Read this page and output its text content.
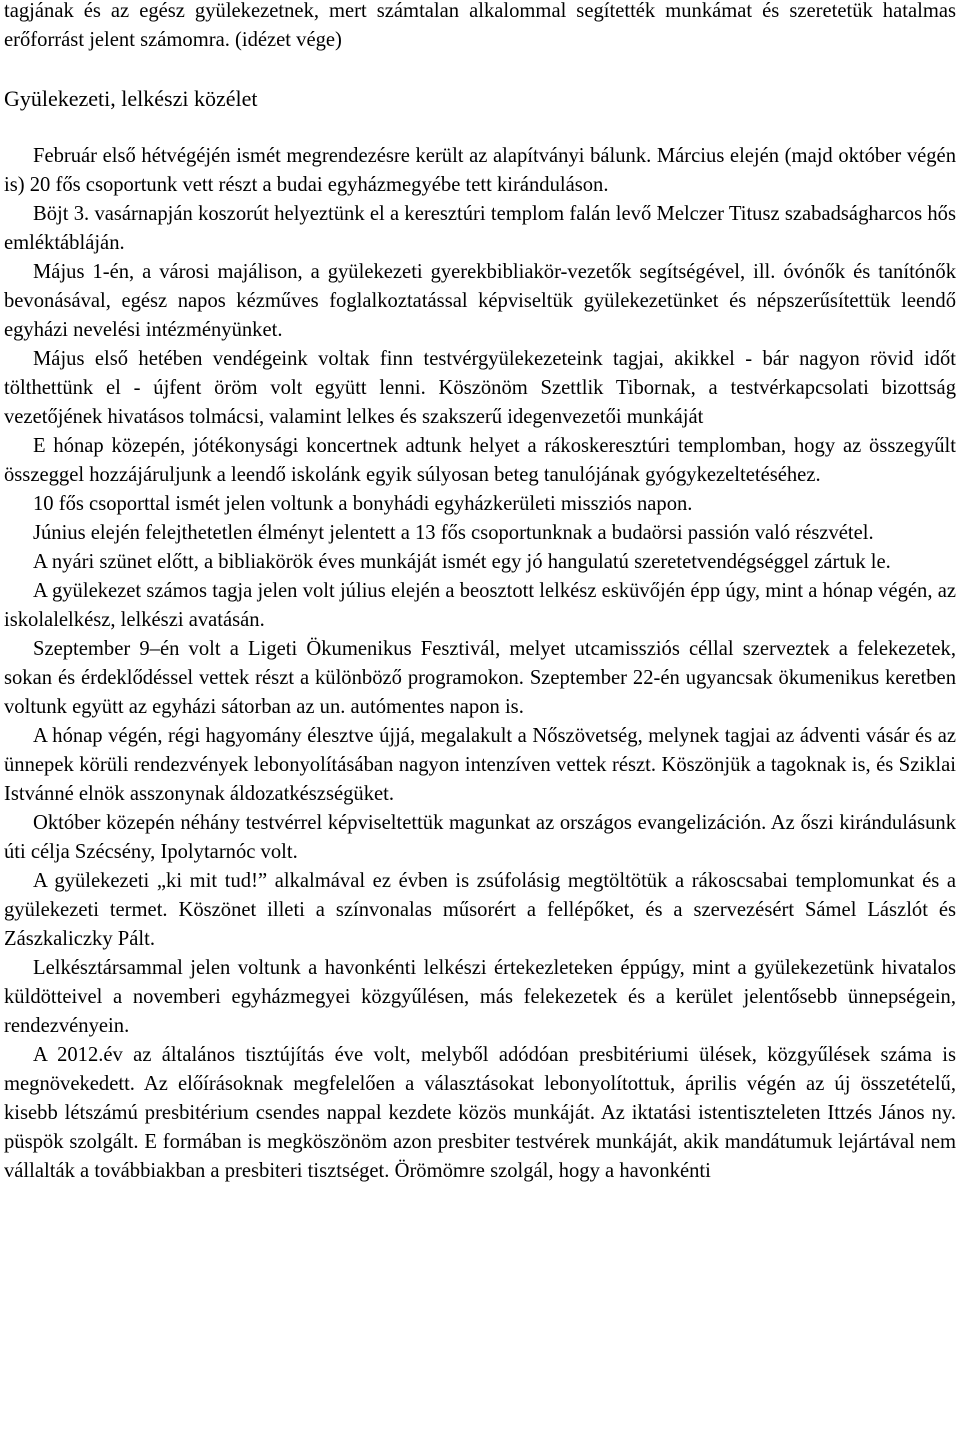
tagjának és az egész gyülekezetnek, mert számtalan alkalommal segítették munkámat és szeretetük hatalmas erőforrást jelent számomra. (idézet vége)

Gyülekezeti, lelkészi közélet

Február első hétvégéjén ismét megrendezésre került az alapítványi bálunk. Március elején (majd október végén is) 20 fős csoportunk vett részt a budai egyházmegyébe tett kiránduláson.

Böjt 3. vasárnapján koszorút helyeztünk el a keresztúri templom falán levő Melczer Titusz szabadságharcos hős emléktábláján.

Május 1-én, a városi majálison, a gyülekezeti gyerekbibliakör-vezetők segítségével, ill. óvónők és tanítónők bevonásával, egész napos kézműves foglalkoztatással képviseltük gyülekezetünket és népszerűsítettük leendő egyházi nevelési intézményünket.

Május első hetében vendégeink voltak finn testvérgyülekezeteink tagjai, akikkel - bár nagyon rövid időt tölthettünk el - újfent öröm volt együtt lenni. Köszönöm Szettlik Tibornak, a testvérkapcsolati bizottság vezetőjének hivatásos tolmácsi, valamint lelkes és szakszerű idegenvezetői munkáját

E hónap közepén, jótékonysági koncertnek adtunk helyet a rákoskeresztúri templomban, hogy az összegyűlt összeggel hozzájáruljunk a leendő iskolánk egyik súlyosan beteg tanulójának gyógykezeltetéséhez.

10 fős csoporttal ismét jelen voltunk a bonyhádi egyházkerületi missziós napon.

Június elején felejthetetlen élményt jelentett a 13 fős csoportunknak a budaörsi passión való részvétel.

A nyári szünet előtt, a bibliakörök éves munkáját ismét egy jó hangulatú szeretetvendégséggel zártuk le.

A gyülekezet számos tagja jelen volt július elején a beosztott lelkész esküvőjén épp úgy, mint a hónap végén, az iskolalelkész, lelkészi avatásán.

Szeptember 9–én volt a Ligeti Ökumenikus Fesztivál, melyet utcamissziós céllal szerveztek a felekezetek, sokan és érdeklődéssel vettek részt a különböző programokon. Szeptember 22-én ugyancsak ökumenikus keretben voltunk együtt az egyházi sátorban az un. autómentes napon is.

A hónap végén, régi hagyomány élesztve újjá, megalakult a Nőszövetség, melynek tagjai az ádventi vásár és az ünnepek körüli rendezvények lebonyolításában nagyon intenzíven vettek részt. Köszönjük a tagoknak is, és Sziklai Istvánné elnök asszonynak áldozatkészségüket.

Október közepén néhány testvérrel képviseltettük magunkat az országos evangelizáción. Az őszi kirándulásunk úti célja Szécsény, Ipolytarnóc volt.

A gyülekezeti „ki mit tud!” alkalmával ez évben is zsúfolásig megtöltötük a rákoscsabai templomunkat és a gyülekezeti termet. Köszönet illeti a színvonalas műsorért a fellépőket, és a szervezésért Sámel Lászlót és Zászkaliczky Pált.

Lelkésztársammal jelen voltunk a havonkénti lelkészi értekezleteken éppúgy, mint a gyülekezetünk hivatalos küldötteivel a novemberi egyházmegyei közgyűlésen, más felekezetek és a kerület jelentősebb ünnepségein, rendezvényein.

A 2012.év az általános tisztújítás éve volt, melyből adódóan presbitériumi ülések, közgyűlések száma is megnövekedett. Az előírásoknak megfelelően a választásokat lebonyolítottuk, április végén az új összetételű, kisebb létszámú presbitérium csendes nappal kezdete közös munkáját. Az iktatási istentiszteleten Ittzés János ny. püspök szolgált. E formában is megköszönöm azon presbiter testvérek munkáját, akik mandátumuk lejártával nem vállalták a továbbiakban a presbiteri tisztséget. Örömömre szolgál, hogy a havonkénti
